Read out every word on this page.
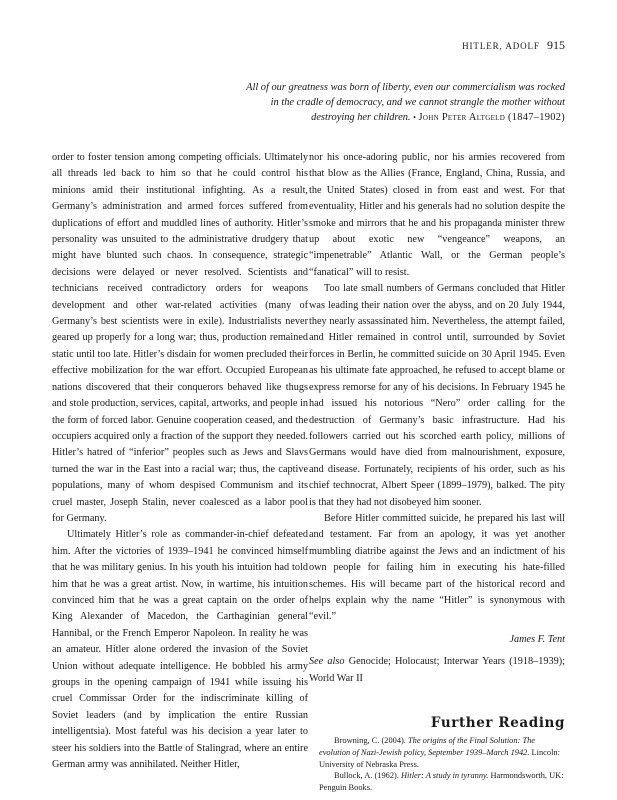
HITLER, ADOLF 915
All of our greatness was born of liberty, even our commercialism was rocked
in the cradle of democracy, and we cannot strangle the mother without
destroying her children. • John Peter Altgeld (1847–1902)

order to foster tension among competing officials. Ultimately all threads led back to him so that he could control his minions amid their institutional infighting. As a result, Germany’s administration and armed forces suffered from duplications of effort and muddled lines of authority. Hitler’s personality was unsuited to the administrative drudgery that might have blunted such chaos. In consequence, strategic decisions were delayed or never resolved. Scientists and technicians received contradictory orders for weapons development and other war-related activities (many of Germany’s best scientists were in exile). Industrialists never geared up properly for a long war; thus, production remained static until too late. Hitler’s disdain for women precluded their effective mobilization for the war effort. Occupied European nations discovered that their conquerors behaved like thugs and stole production, services, capital, artworks, and people in the form of forced labor. Genuine cooperation ceased, and the occupiers acquired only a fraction of the support they needed. Hitler’s hatred of “inferior” peoples such as Jews and Slavs turned the war in the East into a racial war; thus, the captive populations, many of whom despised Communism and its cruel master, Joseph Stalin, never coalesced as a labor pool for Germany.

Ultimately Hitler’s role as commander-in-chief defeated him. After the victories of 1939–1941 he convinced himself that he was military genius. In his youth his intuition had told him that he was a great artist. Now, in wartime, his intuition convinced him that he was a great captain on the order of King Alexander of Macedon, the Carthaginian general Hannibal, or the French Emperor Napoleon. In reality he was an amateur. Hitler alone ordered the invasion of the Soviet Union without adequate intelligence. He bobbled his army groups in the opening campaign of 1941 while issuing his cruel Commissar Order for the indiscriminate killing of Soviet leaders (and by implication the entire Russian intelligentsia). Most fateful was his decision a year later to steer his soldiers into the Battle of Stalingrad, where an entire German army was annihilated. Neither Hitler,

nor his once-adoring public, nor his armies recovered from that blow as the Allies (France, England, China, Russia, and the United States) closed in from east and west. For that eventuality, Hitler and his generals had no solution despite the smoke and mirrors that he and his propaganda minister threw up about exotic new “vengeance” weapons, an “impenetrable” Atlantic Wall, or the German people’s “fanatical” will to resist.

Too late small numbers of Germans concluded that Hitler was leading their nation over the abyss, and on 20 July 1944, they nearly assassinated him. Nevertheless, the attempt failed, and Hitler remained in control until, surrounded by Soviet forces in Berlin, he committed suicide on 30 April 1945. Even as his ultimate fate approached, he refused to accept blame or express remorse for any of his decisions. In February 1945 he had issued his notorious “Nero” order calling for the destruction of Germany’s basic infrastructure. Had his followers carried out his scorched earth policy, millions of Germans would have died from malnourishment, exposure, and disease. Fortunately, recipients of his order, such as his chief technocrat, Albert Speer (1899–1979), balked. The pity is that they had not disobeyed him sooner.

Before Hitler committed suicide, he prepared his last will and testament. Far from an apology, it was yet another mumbling diatribe against the Jews and an indictment of his own people for failing him in executing his hate-filled schemes. His will became part of the historical record and helps explain why the name “Hitler” is synonymous with “evil.”

James F. Tent

See also Genocide; Holocaust; Interwar Years (1918–1939); World War II

Further Reading

Browning, C. (2004). The origins of the Final Solution: The evolution of Nazi-Jewish policy, September 1939–March 1942. Lincoln: University of Nebraska Press.

Bullock, A. (1962). Hitler: A study in tyranny. Harmondsworth, UK: Penguin Books.
